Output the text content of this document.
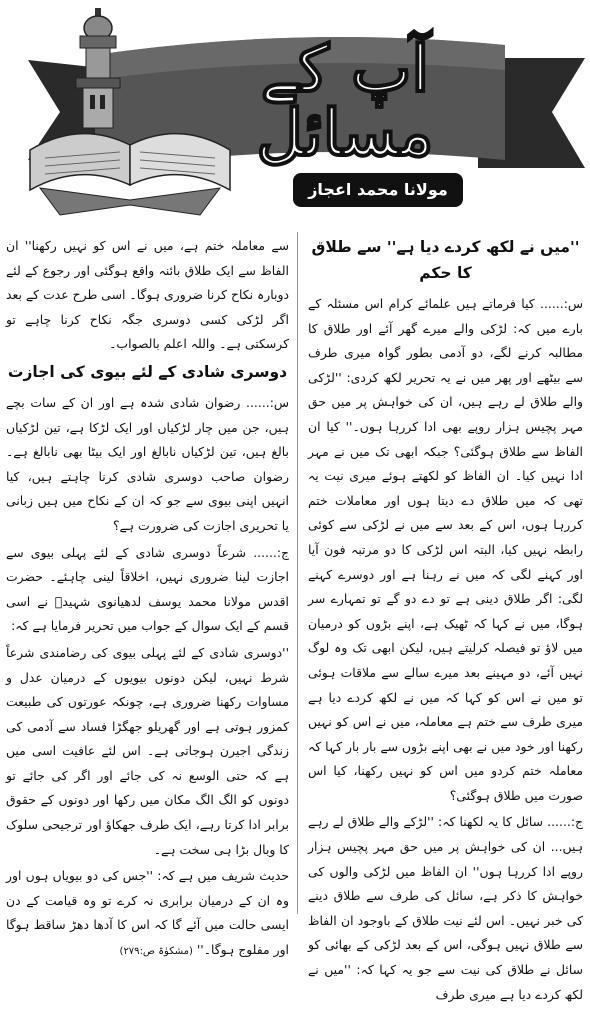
آپ کے مسائل
مولانا محمد اعجاز مصطفیٰ
''میں نے لکھ کردے دیا ہے'' سے طلاق کا حکم

س:...... کیا فرماتے ہیں علمائے کرام اس مسئلہ کے بارے میں کہ: لڑکی والے میرے گھر آئے اور طلاق کا مطالبہ کرنے لگے، دو آدمی بطور گواہ میری طرف سے بیٹھے اور پھر میں نے یہ تحریر لکھ کردی: ''لڑکی والے طلاق لے رہے ہیں، ان کی خواہش پر میں حق مہر پچیس ہزار روپے بھی ادا کررہا ہوں۔'' کیا ان الفاظ سے طلاق ہوگئی؟ جبکہ ابھی تک میں نے مہر ادا نہیں کیا۔ ان الفاظ کو لکھتے ہوئے میری نیت یہ تھی کہ میں طلاق دے دیتا ہوں اور معاملات ختم کررہا ہوں، اس کے بعد سے میں نے لڑکی سے کوئی رابطہ نہیں کیا، البتہ اس لڑکی کا دو مرتبہ فون آیا اور کہنے لگی کہ میں نے رہنا ہے اور دوسرے کہنے لگی: اگر طلاق دینی ہے تو دے دو گے تو تمہارے سر ہوگا، میں نے کہا کہ ٹھیک ہے، اپنے بڑوں کو درمیان میں لاؤ تو فیصلہ کرلیتے ہیں، لیکن ابھی تک وہ لوگ نہیں آئے، دو مہینے بعد میرے سالے سے ملاقات ہوئی تو میں نے اس کو کہا کہ میں نے لکھ کردے دیا ہے میری طرف سے ختم ہے معاملہ، میں نے اس کو نہیں رکھنا اور خود میں نے بھی اپنے بڑوں سے بار بار کہا کہ معاملہ ختم کردو میں اس کو نہیں رکھنا، کیا اس صورت میں طلاق ہوگئی؟

ج:...... سائل کا یہ لکھنا کہ: ''لڑکے والے طلاق لے رہے ہیں... ان کی خواہش پر میں حق مہر پچیس ہزار روپے ادا کررہا ہوں'' ان الفاظ میں لڑکی والوں کی خواہش کا ذکر ہے، سائل کی طرف سے طلاق دینے کی خبر نہیں۔ اس لئے نیت طلاق کے باوجود ان الفاظ سے طلاق نہیں ہوگی، اس کے بعد لڑکی کے بھائی کو سائل نے طلاق کی نیت سے جو یہ کہا کہ: ''میں نے لکھ کردے دیا ہے میری طرف

سے معاملہ ختم ہے، میں نے اس کو نہیں رکھنا'' ان الفاظ سے ایک طلاق بائنہ واقع ہوگئی اور رجوع کے لئے دوبارہ نکاح کرنا ضروری ہوگا۔ اسی طرح عدت کے بعد اگر لڑکی کسی دوسری جگہ نکاح کرنا چاہے تو کرسکتی ہے۔ واللہ اعلم بالصواب۔

دوسری شادی کے لئے بیوی کی اجازت

س:...... رضوان شادی شدہ ہے اور ان کے سات بچے ہیں، جن میں چار لڑکیاں اور ایک لڑکا ہے، تین لڑکیاں بالغ ہیں، تین لڑکیاں نابالغ اور ایک بیٹا بھی نابالغ ہے۔ رضوان صاحب دوسری شادی کرنا چاہتے ہیں، کیا انہیں اپنی بیوی سے جو کہ ان کے نکاح میں ہیں زبانی یا تحریری اجازت کی ضرورت ہے؟

ج:...... شرعاً دوسری شادی کے لئے پہلی بیوی سے اجازت لینا ضروری نہیں، اخلاقاً لینی چاہئے۔ حضرت اقدس مولانا محمد یوسف لدھیانوی شہیدؒ نے اسی قسم کے ایک سوال کے جواب میں تحریر فرمایا ہے کہ:

''دوسری شادی کے لئے پہلی بیوی کی رضامندی شرعاً شرط نہیں، لیکن دونوں بیویوں کے درمیان عدل و مساوات رکھنا ضروری ہے، چونکہ عورتوں کی طبیعت کمزور ہوتی ہے اور گھریلو جھگڑا فساد سے آدمی کی زندگی اجیرن ہوجاتی ہے۔ اس لئے عافیت اسی میں ہے کہ حتی الوسع نہ کی جائے اور اگر کی جائے تو دونوں کو الگ الگ مکان میں رکھا اور دونوں کے حقوق برابر ادا کرتا رہے، ایک طرف جھکاؤ اور ترجیحی سلوک کا وبال بڑا ہی سخت ہے۔

حدیث شریف میں ہے کہ: ''جس کی دو بیویاں ہوں اور وہ ان کے درمیان برابری نہ کرے تو وہ قیامت کے دن ایسی حالت میں آئے گا کہ اس کا آدھا دھڑ ساقط ہوگا اور مفلوج ہوگا۔'' (مشکوٰۃ ص:۲۷۹)
